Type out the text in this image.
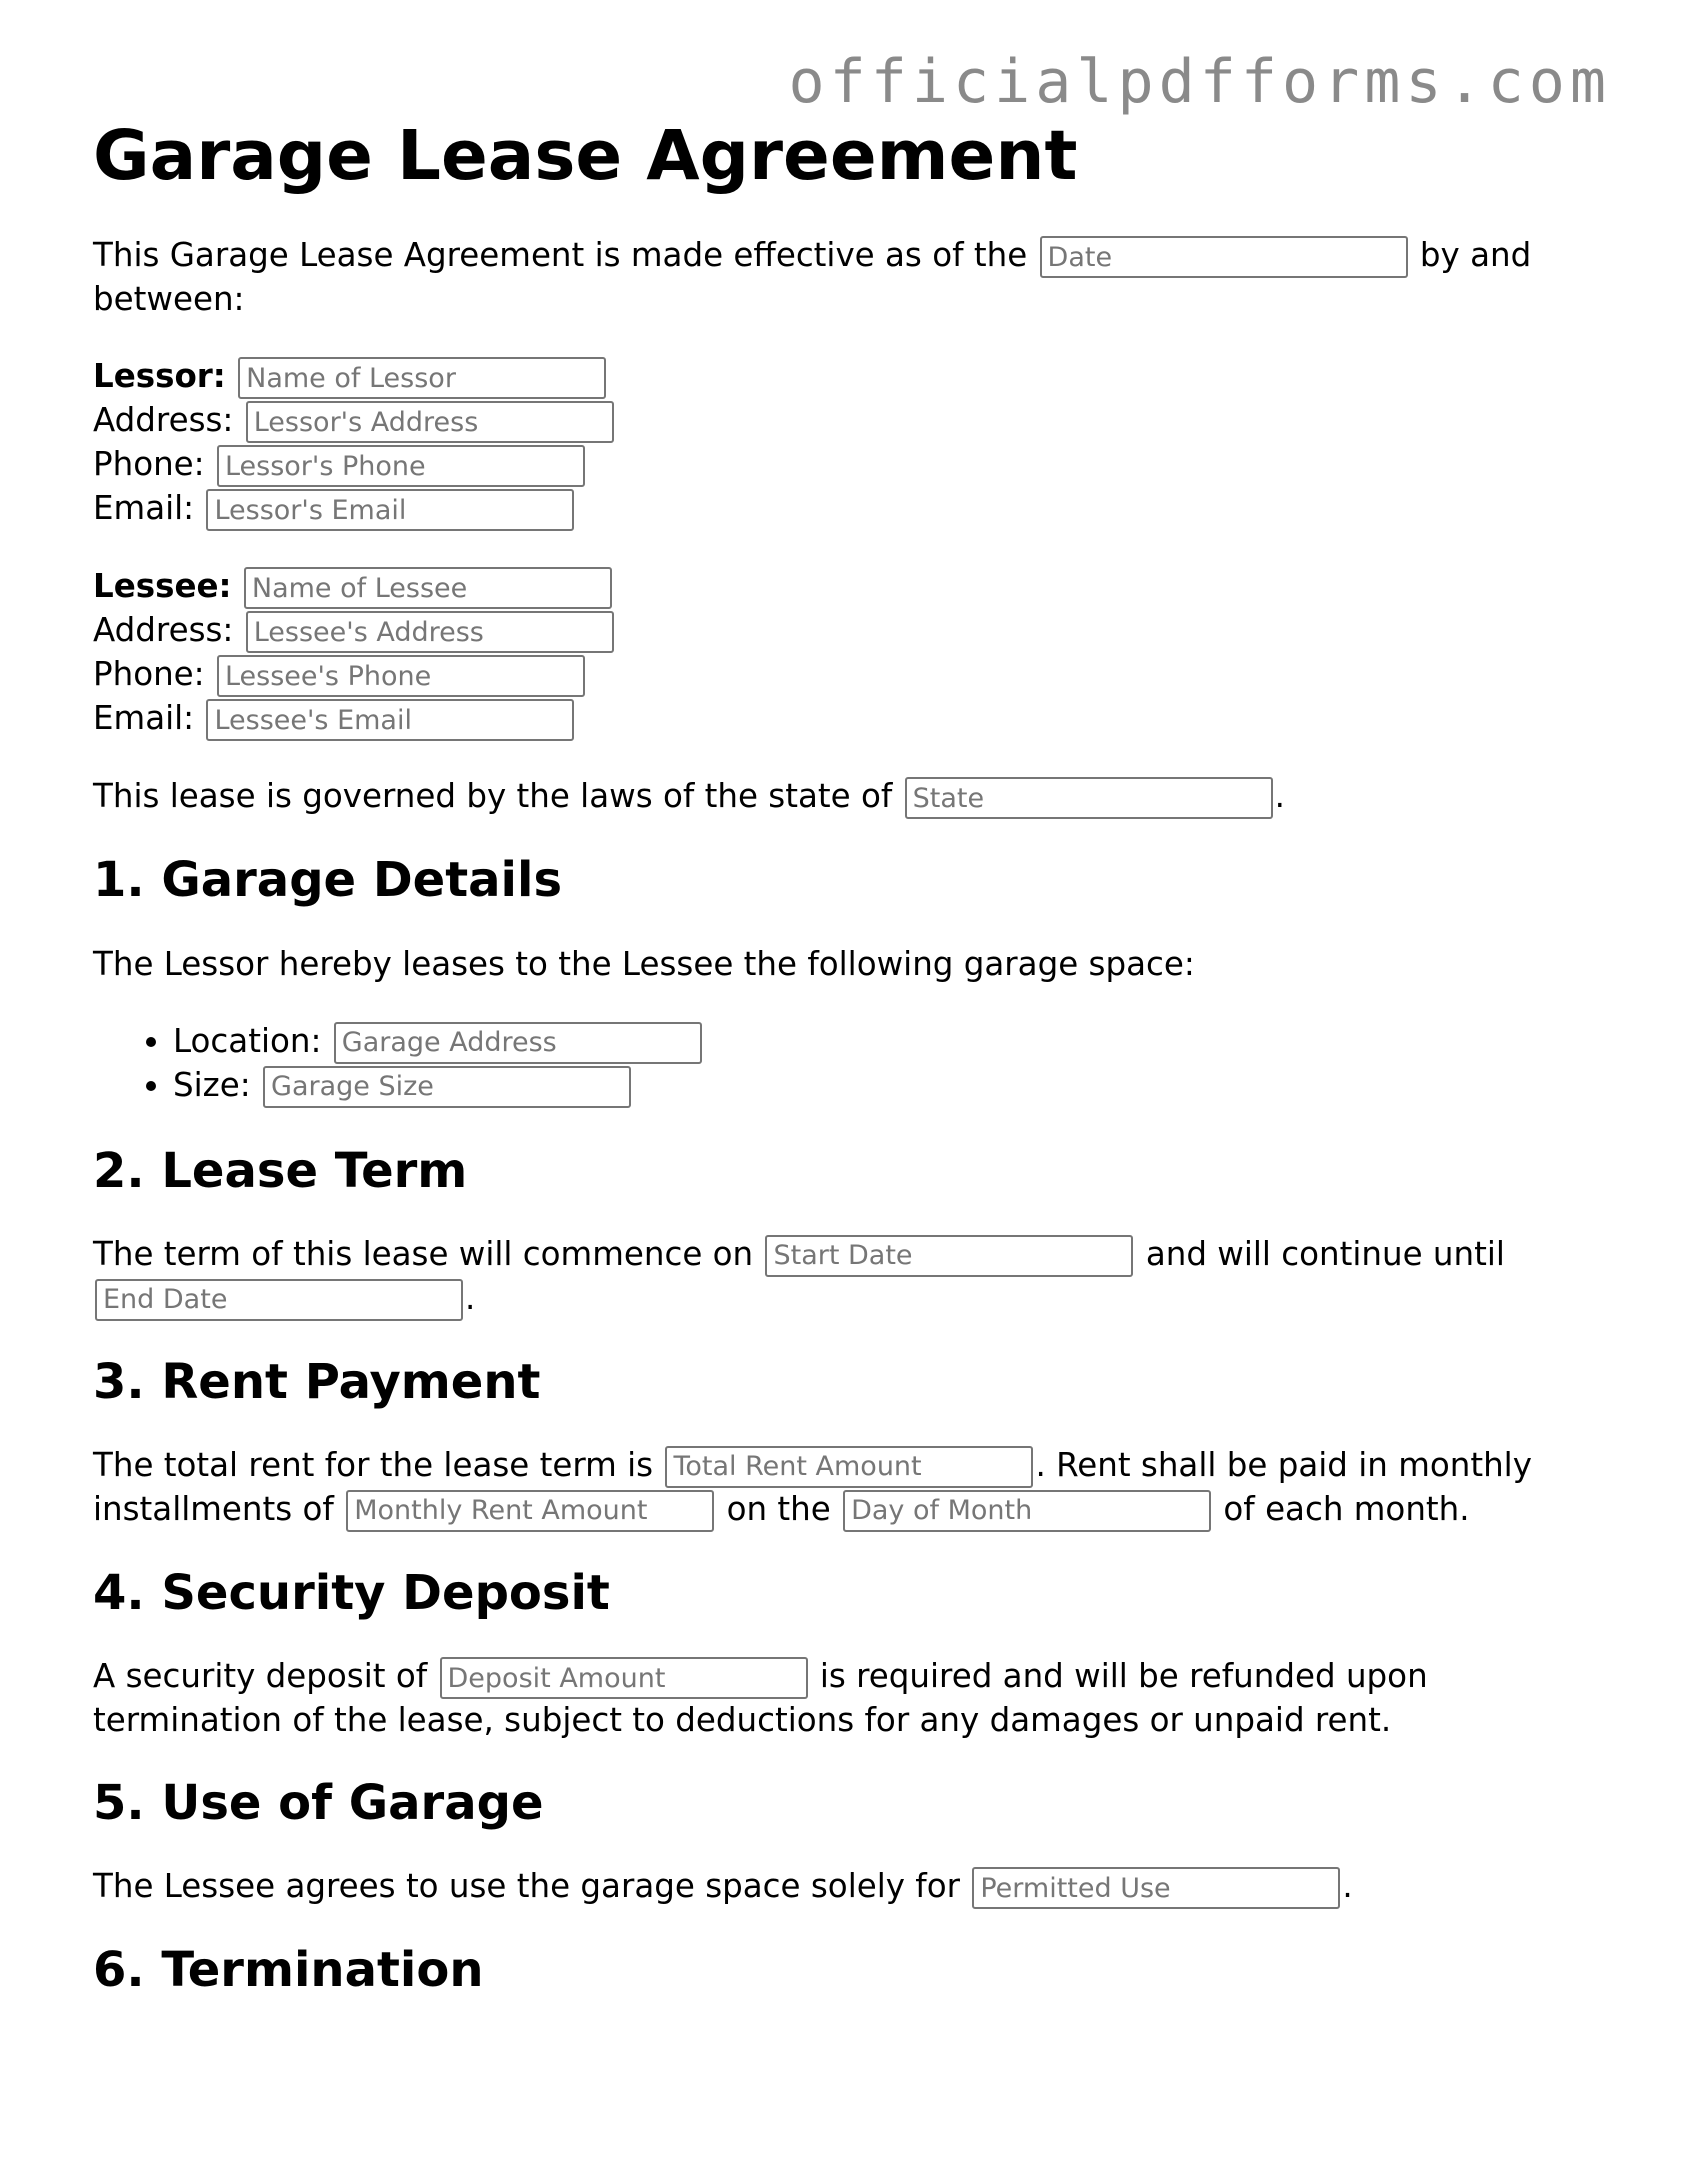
officialpdfforms.com
Garage Lease Agreement

This Garage Lease Agreement is made effective as of the Date	by and between:

Lessor: Name of Lessor
Address: Lessor's Address
Phone: Lessor's Phone
Email: Lessor's Email
Lessee: Name of Lessee
Address: Lessee's Address
Phone: Lessee's Phone
Email: Lessee's Email

This lease is governed by the laws of the state of State	.

1. Garage Details

The Lessor hereby leases to the Lessee the following garage space:

• Location: Garage Address
• Size: Garage Size
2. Lease Term

The term of this lease will commence on Start Date	and will continue until End Date.

3. Rent Payment

The total rent for the lease term is Total Rent Amount	. Rent shall be paid in monthly installments of Monthly Rent Amount	on the Day of Month	of each month.

4. Security Deposit

A security deposit of Deposit Amount	is required and will be refunded upon termination of the lease, subject to deductions for any damages or unpaid rent.

5. Use of Garage

The Lessee agrees to use the garage space solely for Permitted Use	.

6. Termination
